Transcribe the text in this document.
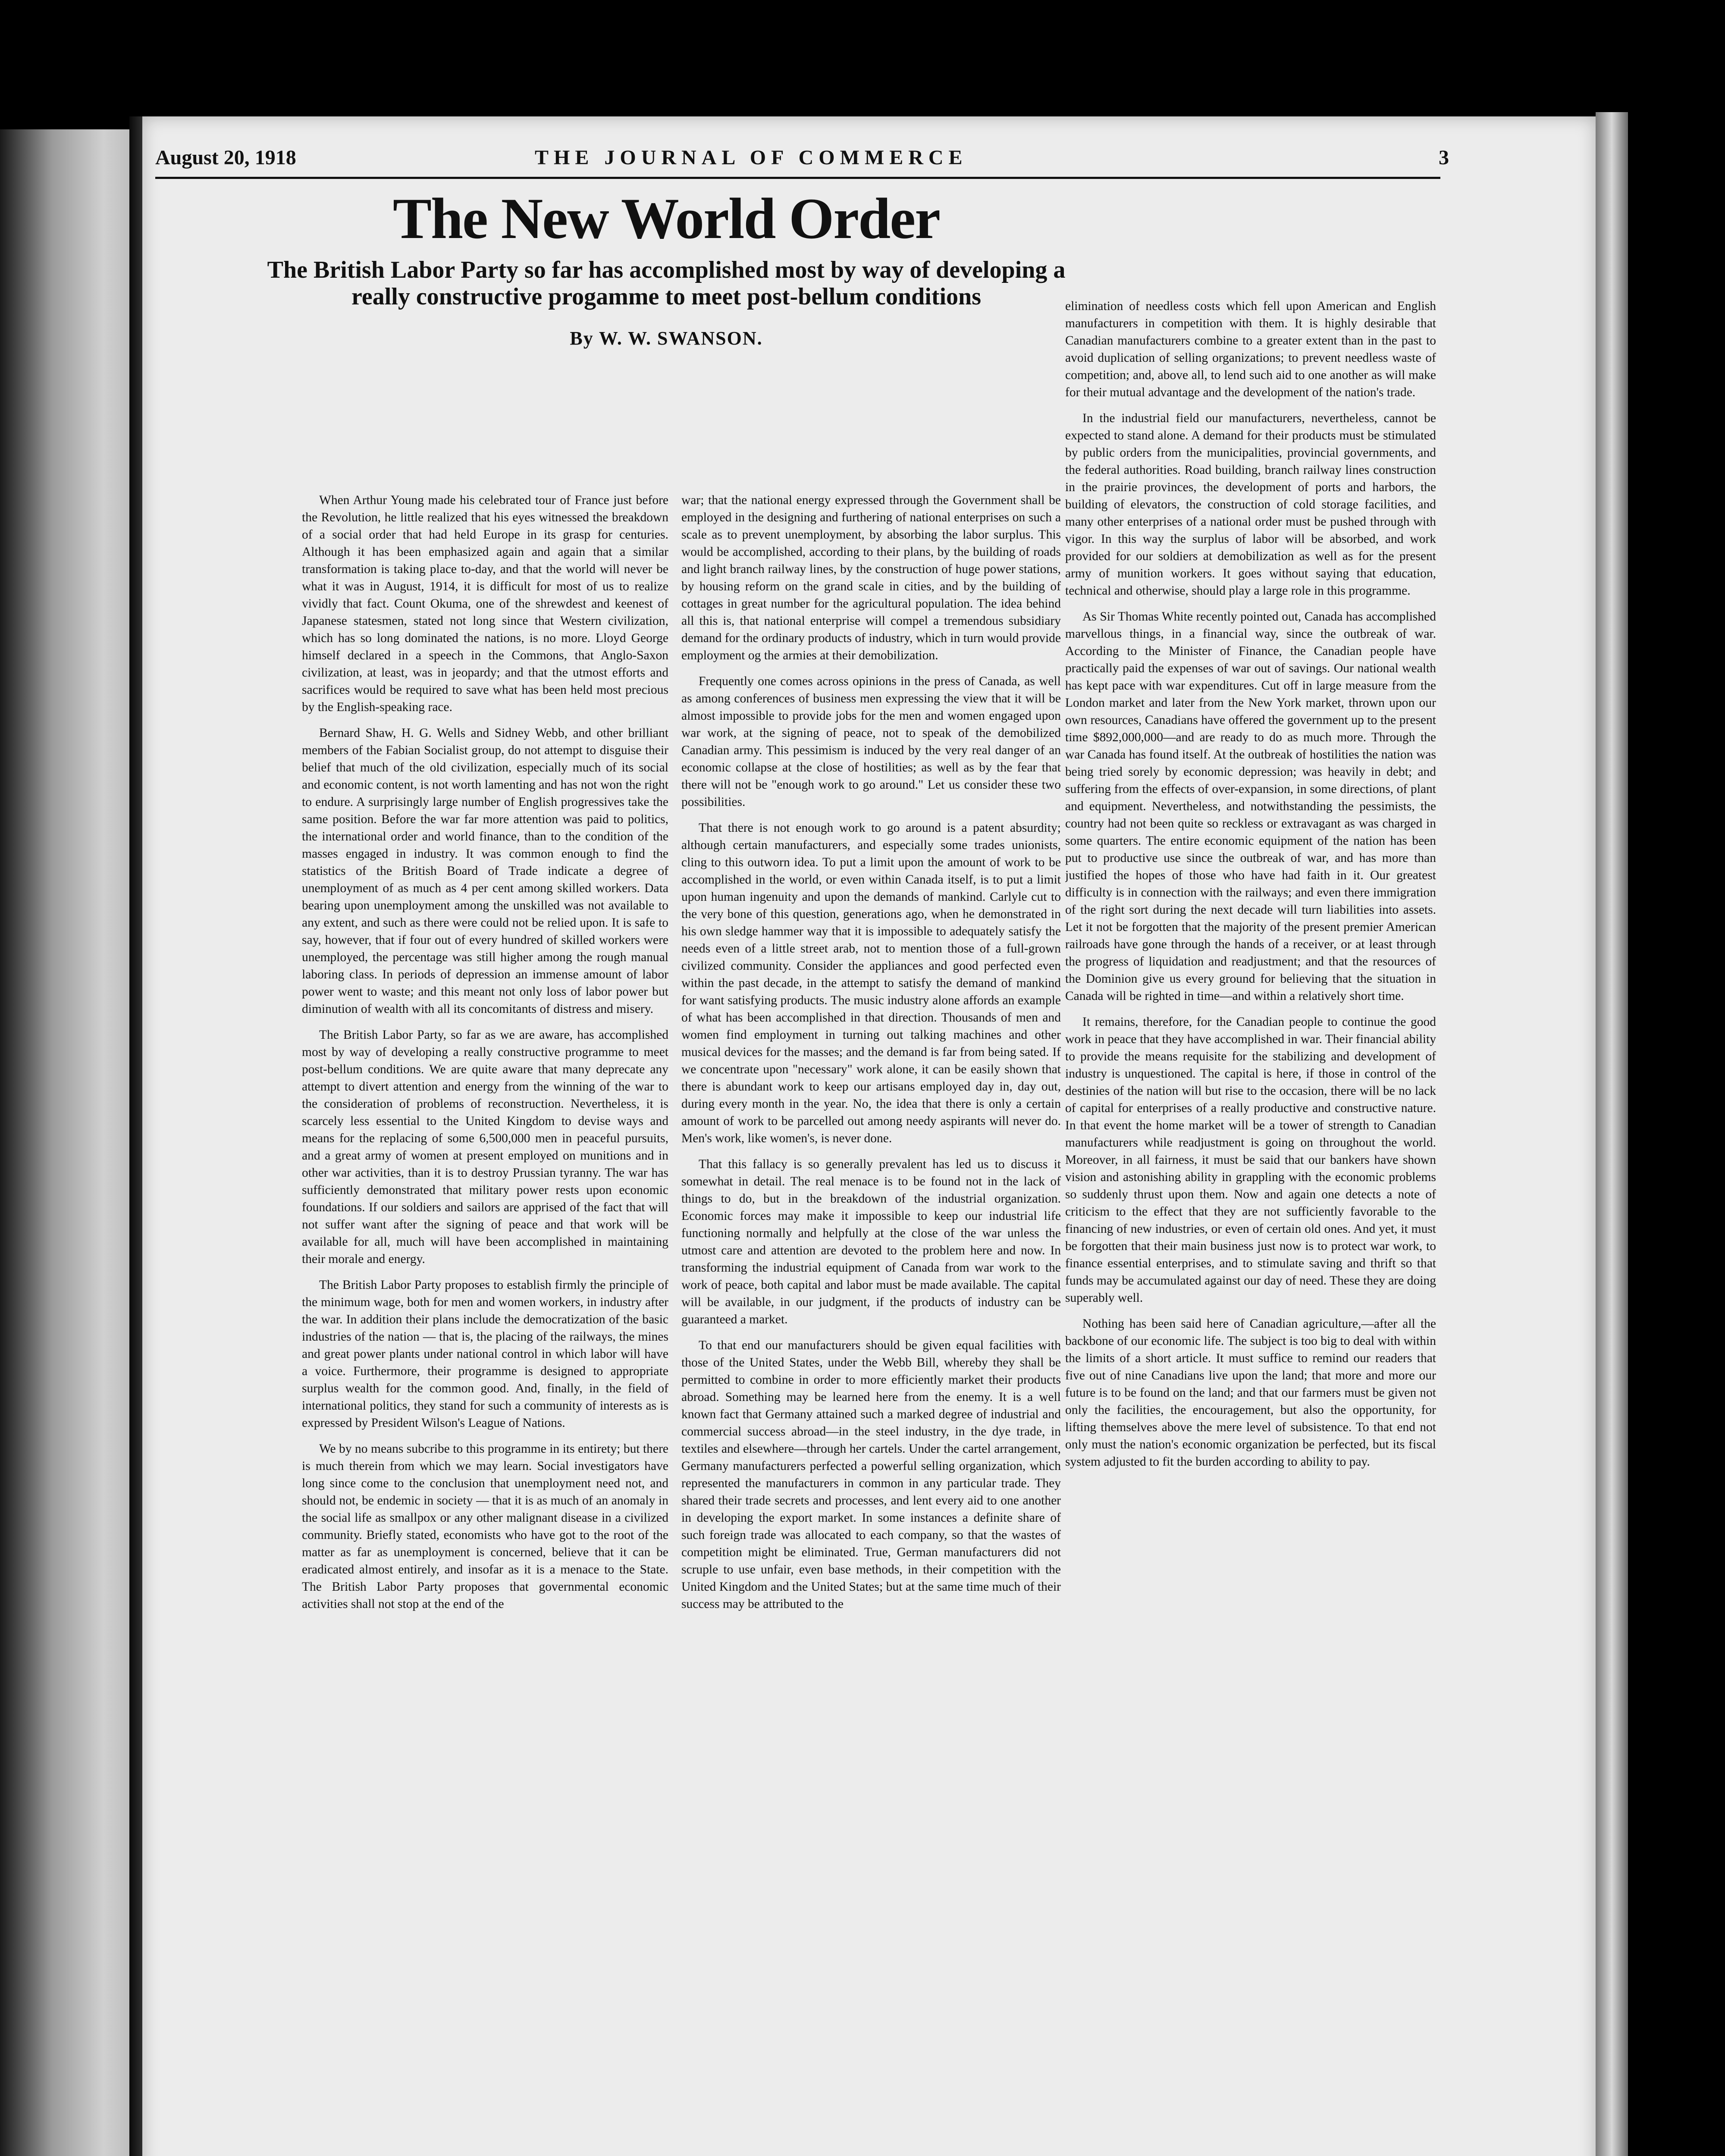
August 20, 1918	THE JOURNAL OF COMMERCE	3
The New World Order
The British Labor Party so far has accomplished most by way of developing a really constructive progamme to meet post-bellum conditions
By W. W. SWANSON.

When Arthur Young made his celebrated tour of France just before the Revolution, he little realized that his eyes witnessed the breakdown of a social order that had held Europe in its grasp for centuries. Although it has been emphasized again and again that a similar transformation is taking place to-day, and that the world will never be what it was in August, 1914, it is difficult for most of us to realize vividly that fact. Count Okuma, one of the shrewdest and keenest of Japanese statesmen, stated not long since that Western civilization, which has so long dominated the nations, is no more. Lloyd George himself declared in a speech in the Commons, that Anglo-Saxon civilization, at least, was in jeopardy; and that the utmost efforts and sacrifices would be required to save what has been held most precious by the English-speaking race.

Bernard Shaw, H. G. Wells and Sidney Webb, and other brilliant members of the Fabian Socialist group, do not attempt to disguise their belief that much of the old civilization, especially much of its social and economic content, is not worth lamenting and has not won the right to endure. A surprisingly large number of English progressives take the same position. Before the war far more attention was paid to politics, the international order and world finance, than to the condition of the masses engaged in industry. It was common enough to find the statistics of the British Board of Trade indicate a degree of unemployment of as much as 4 per cent among skilled workers. Data bearing upon unemployment among the unskilled was not available to any extent, and such as there were could not be relied upon. It is safe to say, however, that if four out of every hundred of skilled workers were unemployed, the percentage was still higher among the rough manual laboring class. In periods of depression an immense amount of labor power went to waste; and this meant not only loss of labor power but diminution of wealth with all its concomitants of distress and misery.

The British Labor Party, so far as we are aware, has accomplished most by way of developing a really constructive programme to meet post-bellum conditions. We are quite aware that many deprecate any attempt to divert attention and energy from the winning of the war to the consideration of problems of reconstruction. Nevertheless, it is scarcely less essential to the United Kingdom to devise ways and means for the replacing of some 6,500,000 men in peaceful pursuits, and a great army of women at present employed on munitions and in other war activities, than it is to destroy Prussian tyranny. The war has sufficiently demonstrated that military power rests upon economic foundations. If our soldiers and sailors are apprised of the fact that will not suffer want after the signing of peace and that work will be available for all, much will have been accomplished in maintaining their morale and energy.

The British Labor Party proposes to establish firmly the principle of the minimum wage, both for men and women workers, in industry after the war. In addition their plans include the democratization of the basic industries of the nation — that is, the placing of the railways, the mines and great power plants under national control in which labor will have a voice. Furthermore, their programme is designed to appropriate surplus wealth for the common good. And, finally, in the field of international politics, they stand for such a community of interests as is expressed by President Wilson's League of Nations.

We by no means subcribe to this programme in its entirety; but there is much therein from which we may learn. Social investigators have long since come to the conclusion that unemployment need not, and should not, be endemic in society — that it is as much of an anomaly in the social life as smallpox or any other malignant disease in a civilized community. Briefly stated, economists who have got to the root of the matter as far as unemployment is concerned, believe that it can be eradicated almost entirely, and insofar as it is a menace to the State. The British Labor Party proposes that governmental economic activities shall not stop at the end of the

war; that the national energy expressed through the Government shall be employed in the designing and furthering of national enterprises on such a scale as to prevent unemployment, by absorbing the labor surplus. This would be accomplished, according to their plans, by the building of roads and light branch railway lines, by the construction of huge power stations, by housing reform on the grand scale in cities, and by the building of cottages in great number for the agricultural population. The idea behind all this is, that national enterprise will compel a tremendous subsidiary demand for the ordinary products of industry, which in turn would provide employment og the armies at their demobilization.

Frequently one comes across opinions in the press of Canada, as well as among conferences of business men expressing the view that it will be almost impossible to provide jobs for the men and women engaged upon war work, at the signing of peace, not to speak of the demobilized Canadian army. This pessimism is induced by the very real danger of an economic collapse at the close of hostilities; as well as by the fear that there will not be "enough work to go around." Let us consider these two possibilities.

That there is not enough work to go around is a patent absurdity; although certain manufacturers, and especially some trades unionists, cling to this outworn idea. To put a limit upon the amount of work to be accomplished in the world, or even within Canada itself, is to put a limit upon human ingenuity and upon the demands of mankind. Carlyle cut to the very bone of this question, generations ago, when he demonstrated in his own sledge hammer way that it is impossible to adequately satisfy the needs even of a little street arab, not to mention those of a full-grown civilized community. Consider the appliances and good perfected even within the past decade, in the attempt to satisfy the demand of mankind for want satisfying products. The music industry alone affords an example of what has been accomplished in that direction. Thousands of men and women find employment in turning out talking machines and other musical devices for the masses; and the demand is far from being sated. If we concentrate upon "necessary" work alone, it can be easily shown that there is abundant work to keep our artisans employed day in, day out, during every month in the year. No, the idea that there is only a certain amount of work to be parcelled out among needy aspirants will never do. Men's work, like women's, is never done.

That this fallacy is so generally prevalent has led us to discuss it somewhat in detail. The real menace is to be found not in the lack of things to do, but in the breakdown of the industrial organization. Economic forces may make it impossible to keep our industrial life functioning normally and helpfully at the close of the war unless the utmost care and attention are devoted to the problem here and now. In transforming the industrial equipment of Canada from war work to the work of peace, both capital and labor must be made available. The capital will be available, in our judgment, if the products of industry can be guaranteed a market.

To that end our manufacturers should be given equal facilities with those of the United States, under the Webb Bill, whereby they shall be permitted to combine in order to more efficiently market their products abroad. Something may be learned here from the enemy. It is a well known fact that Germany attained such a marked degree of industrial and commercial success abroad—in the steel industry, in the dye trade, in textiles and elsewhere—through her cartels. Under the cartel arrangement, Germany manufacturers perfected a powerful selling organization, which represented the manufacturers in common in any particular trade. They shared their trade secrets and processes, and lent every aid to one another in developing the export market. In some instances a definite share of such foreign trade was allocated to each company, so that the wastes of competition might be eliminated. True, German manufacturers did not scruple to use unfair, even base methods, in their competition with the United Kingdom and the United States; but at the same time much of their success may be attributed to the

elimination of needless costs which fell upon American and English manufacturers in competition with them. It is highly desirable that Canadian manufacturers combine to a greater extent than in the past to avoid duplication of selling organizations; to prevent needless waste of competition; and, above all, to lend such aid to one another as will make for their mutual advantage and the development of the nation's trade.

In the industrial field our manufacturers, nevertheless, cannot be expected to stand alone. A demand for their products must be stimulated by public orders from the municipalities, provincial governments, and the federal authorities. Road building, branch railway lines construction in the prairie provinces, the development of ports and harbors, the building of elevators, the construction of cold storage facilities, and many other enterprises of a national order must be pushed through with vigor. In this way the surplus of labor will be absorbed, and work provided for our soldiers at demobilization as well as for the present army of munition workers. It goes without saying that education, technical and otherwise, should play a large role in this programme.

As Sir Thomas White recently pointed out, Canada has accomplished marvellous things, in a financial way, since the outbreak of war. According to the Minister of Finance, the Canadian people have practically paid the expenses of war out of savings. Our national wealth has kept pace with war expenditures. Cut off in large measure from the London market and later from the New York market, thrown upon our own resources, Canadians have offered the government up to the present time $892,000,000—and are ready to do as much more. Through the war Canada has found itself. At the outbreak of hostilities the nation was being tried sorely by economic depression; was heavily in debt; and suffering from the effects of over-expansion, in some directions, of plant and equipment. Nevertheless, and notwithstanding the pessimists, the country had not been quite so reckless or extravagant as was charged in some quarters. The entire economic equipment of the nation has been put to productive use since the outbreak of war, and has more than justified the hopes of those who have had faith in it. Our greatest difficulty is in connection with the railways; and even there immigration of the right sort during the next decade will turn liabilities into assets. Let it not be forgotten that the majority of the present premier American railroads have gone through the hands of a receiver, or at least through the progress of liquidation and readjustment; and that the resources of the Dominion give us every ground for believing that the situation in Canada will be righted in time—and within a relatively short time.

It remains, therefore, for the Canadian people to continue the good work in peace that they have accomplished in war. Their financial ability to provide the means requisite for the stabilizing and development of industry is unquestioned. The capital is here, if those in control of the destinies of the nation will but rise to the occasion, there will be no lack of capital for enterprises of a really productive and constructive nature. In that event the home market will be a tower of strength to Canadian manufacturers while readjustment is going on throughout the world. Moreover, in all fairness, it must be said that our bankers have shown vision and astonishing ability in grappling with the economic problems so suddenly thrust upon them. Now and again one detects a note of criticism to the effect that they are not sufficiently favorable to the financing of new industries, or even of certain old ones. And yet, it must be forgotten that their main business just now is to protect war work, to finance essential enterprises, and to stimulate saving and thrift so that funds may be accumulated against our day of need. These they are doing superably well.

Nothing has been said here of Canadian agriculture,—after all the backbone of our economic life. The subject is too big to deal with within the limits of a short article. It must suffice to remind our readers that five out of nine Canadians live upon the land; that more and more our future is to be found on the land; and that our farmers must be given not only the facilities, the encouragement, but also the opportunity, for lifting themselves above the mere level of subsistence. To that end not only must the nation's economic organization be perfected, but its fiscal system adjusted to fit the burden according to ability to pay.
